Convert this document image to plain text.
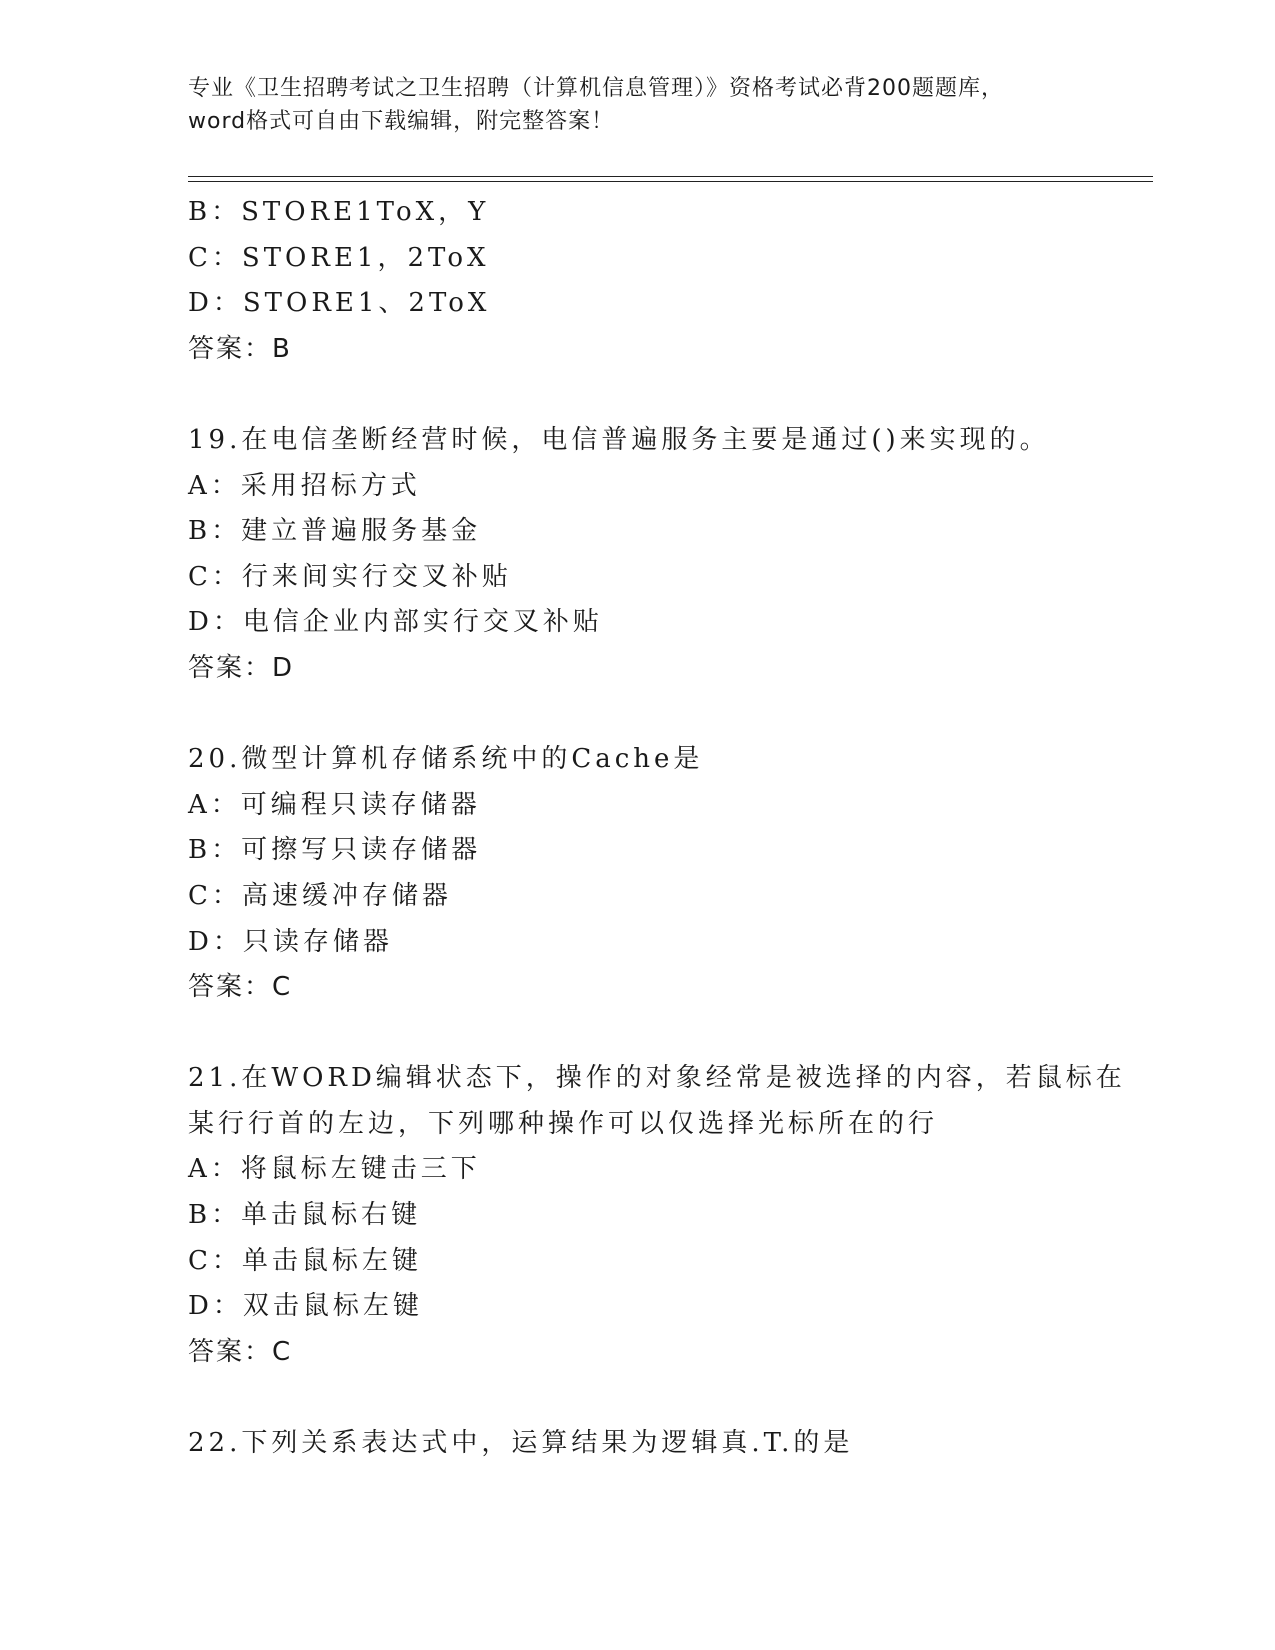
专业《卫生招聘考试之卫生招聘（计算机信息管理）》资格考试必背200题题库，
word格式可自由下载编辑，附完整答案！
B：STORE1ToX，Y
C：STORE1，2ToX
D：STORE1、2ToX
答案：B
19.在电信垄断经营时候，电信普遍服务主要是通过()来实现的。
A：采用招标方式
B：建立普遍服务基金
C：行来间实行交叉补贴
D：电信企业内部实行交叉补贴
答案：D
20.微型计算机存储系统中的Cache是
A：可编程只读存储器
B：可擦写只读存储器
C：高速缓冲存储器
D：只读存储器
答案：C
21.在WORD编辑状态下，操作的对象经常是被选择的内容，若鼠标在
某行行首的左边，下列哪种操作可以仅选择光标所在的行
A：将鼠标左键击三下
B：单击鼠标右键
C：单击鼠标左键
D：双击鼠标左键
答案：C
22.下列关系表达式中，运算结果为逻辑真.T.的是
